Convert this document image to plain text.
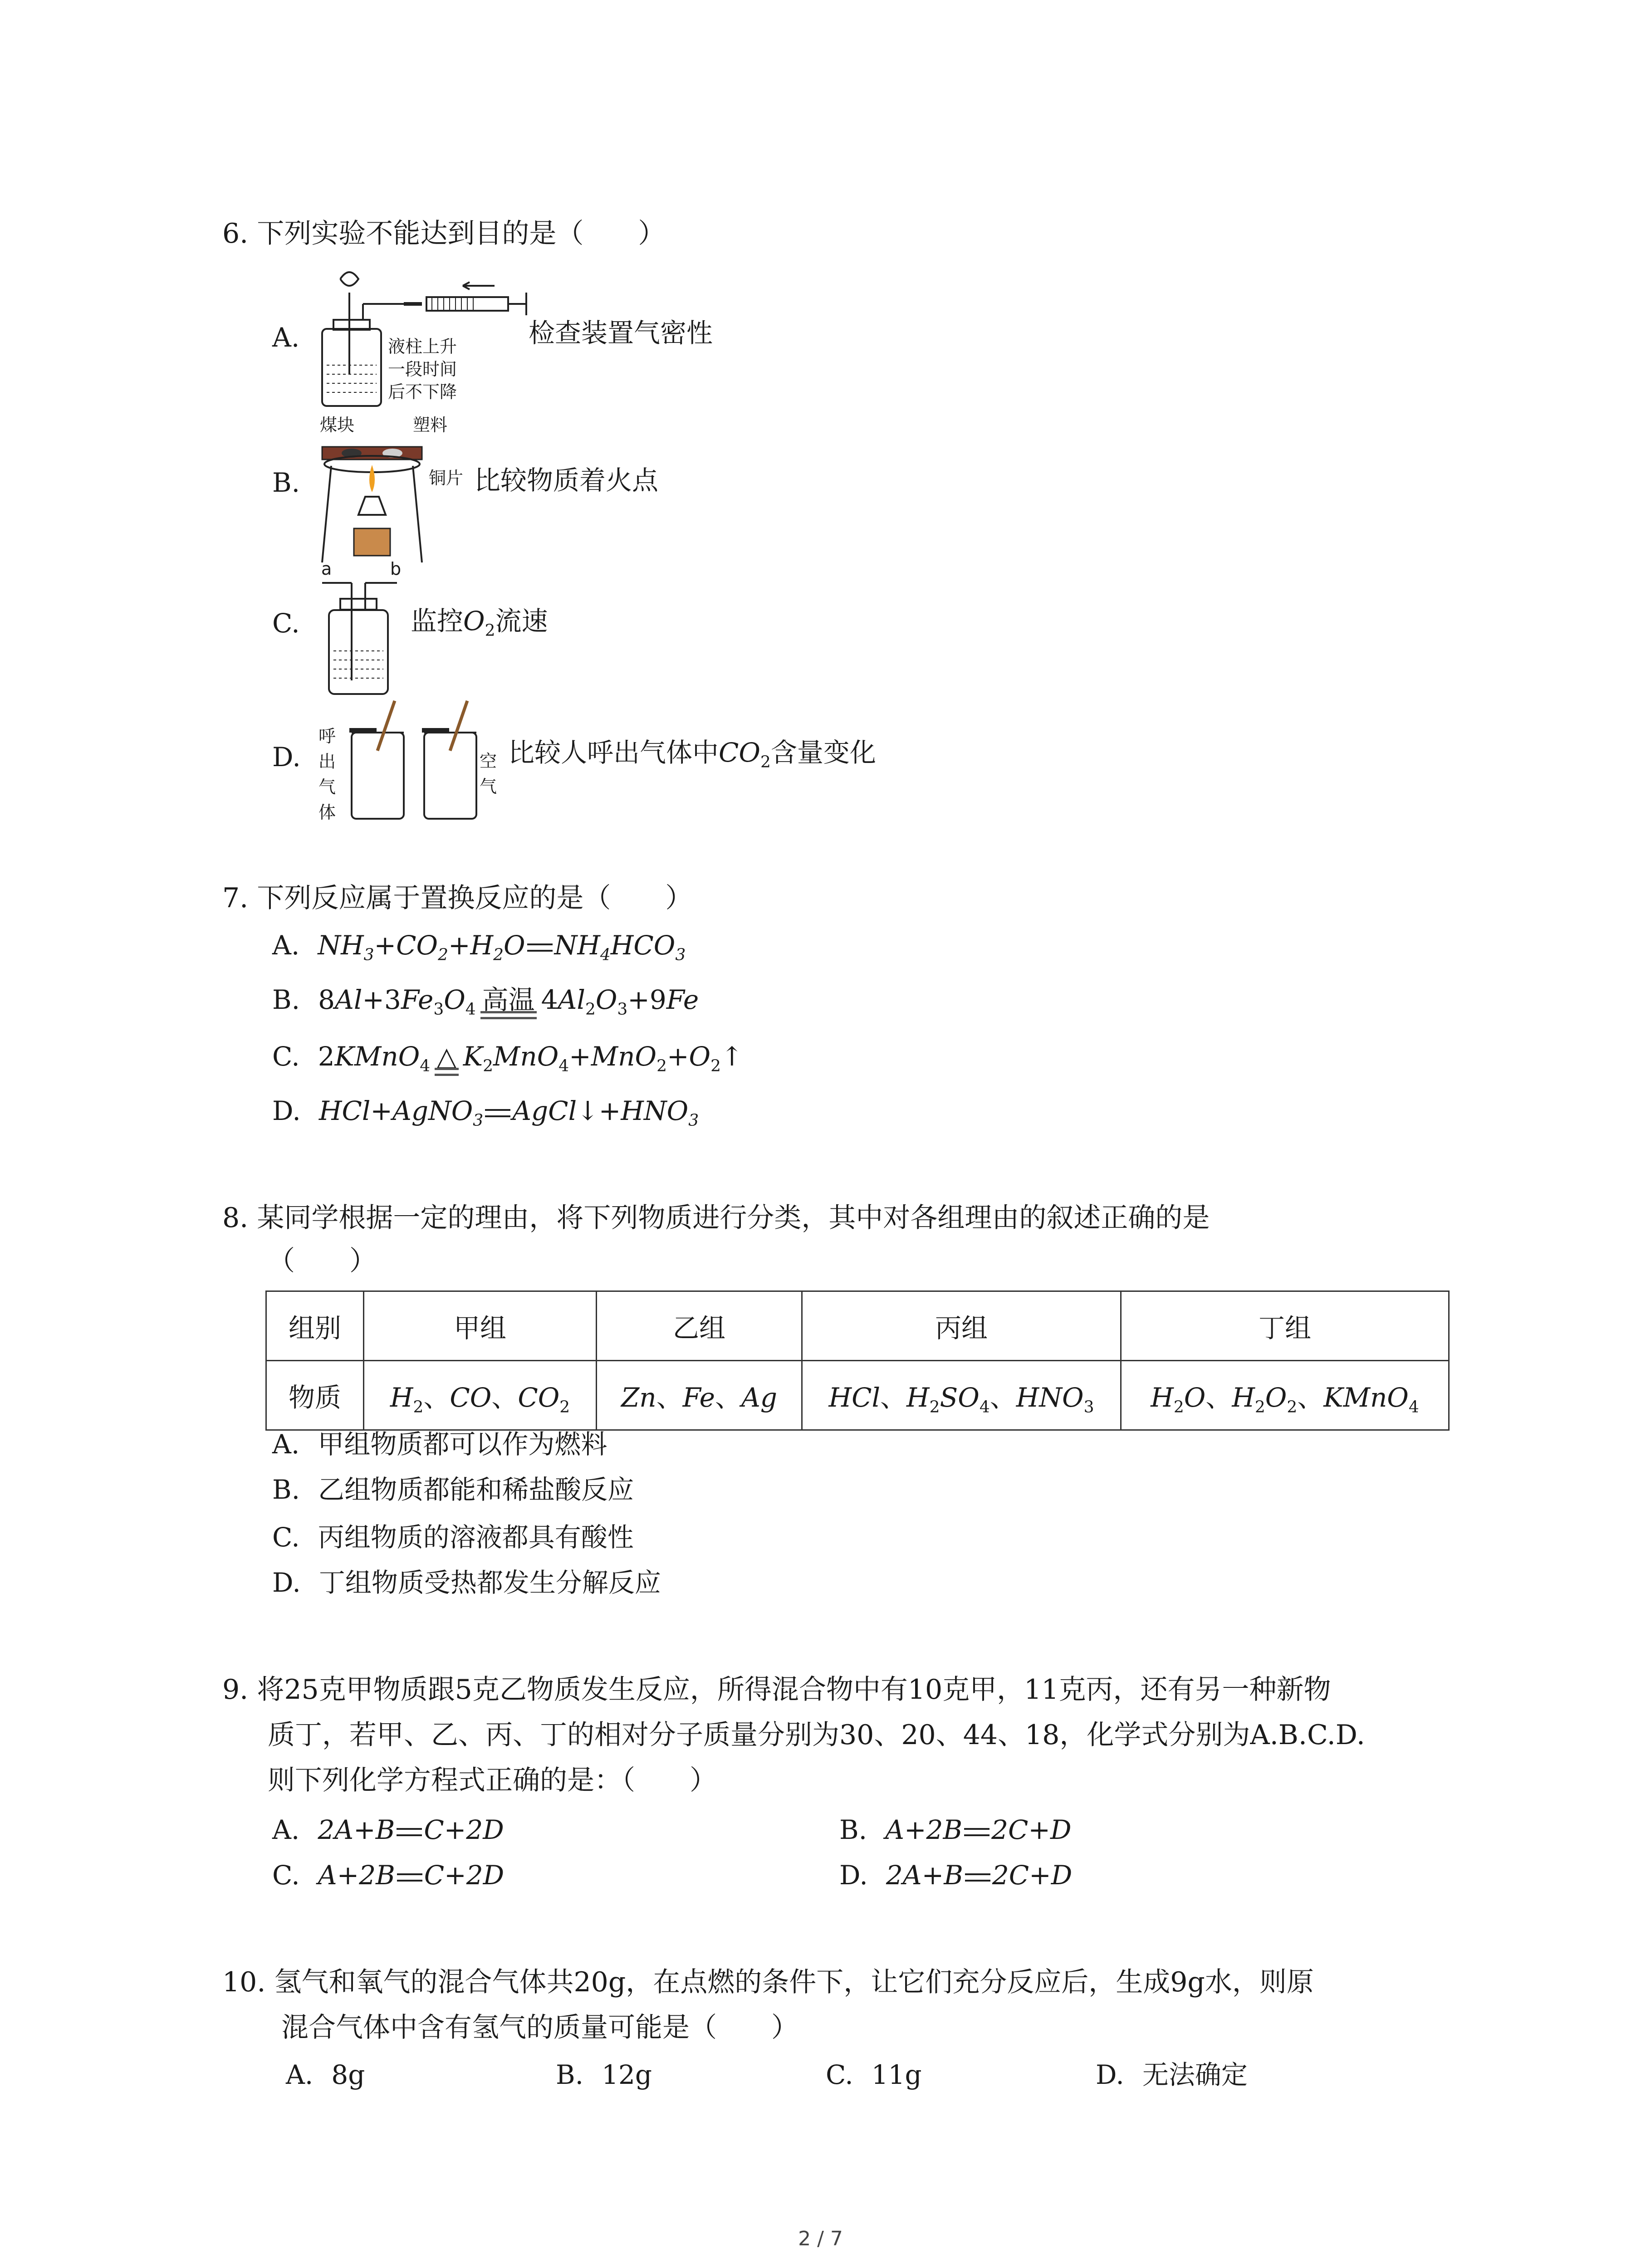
6. 下列实验不能达到目的是（　　）
A.	液柱上升
一段时间
后不下降
检查装置气密性
煤块	塑料
B.	铜片 比较物质着火点
a	b
C.	监控$O_2$流速
D.
呼
出
气
体
空
气
比较人呼出气体中$CO_2$含量变化
7. 下列反应属于置换反应的是（　　）
A. $NH_3+CO_2+H_2O$ $NH_4HCO_3$
B. $8Al+3Fe_3O_4$ 高温 $4Al_2O_3+9Fe$
C. 2KMnO$_4$ △ $K_2MnO_4+MnO_2+O_2↑$
D. HCl+AgNO$_3$ $AgCl↓+HNO_3$
8. 某同学根据一定的理由，将下列物质进行分类，其中对各组理由的叙述正确的是
（　　）
组别	甲组	乙组	丙组	丁组
物质	$H_2$、CO、$CO_2$	Zn、Fe、Ag	HCl、$H_2SO_4$、$HNO_3$	$H_2O$、$H_2O_2$、KMnO$_4$
A. 甲组物质都可以作为燃料
B. 乙组物质都能和稀盐酸反应
C. 丙组物质的溶液都具有酸性
D. 丁组物质受热都发生分解反应
9. 将25克甲物质跟5克乙物质发生反应，所得混合物中有10克甲，11克丙，还有另一种新物
质丁，若甲、乙、丙、丁的相对分子质量分别为30、20、44、18，化学式分别为A.B.C.D.
则下列化学方程式正确的是：（　　）
A. 2A+B C+2D	B. A+2B 2C+D
C. A+2B C+2D	D. 2A+B 2C+D
10. 氢气和氧气的混合气体共20g，在点燃的条件下，让它们充分反应后，生成9g水，则原
混合气体中含有氢气的质量可能是（　　）
A. 8g	B. 12g	C. 11g	D. 无法确定
2 / 7
